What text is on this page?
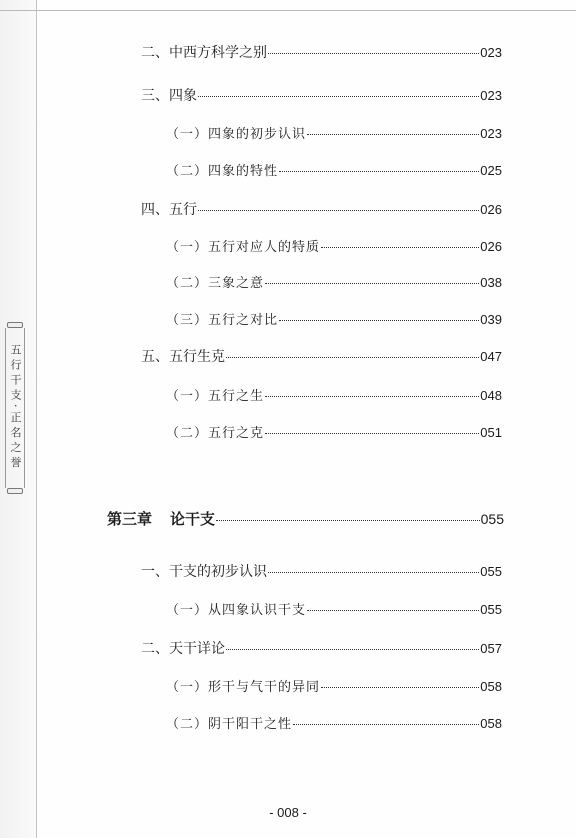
五行干支·正名之誉
二、中西方科学之别	023
三、四象	023
（一）四象的初步认识	023
（二）四象的特性	025
四、五行	026
（一）五行对应人的特质	026
（二）三象之意	038
（三）五行之对比	039
五、五行生克	047
（一）五行之生	048
（二）五行之克	051
第三章 论干支	055
一、干支的初步认识	055
（一）从四象认识干支	055
二、天干详论	057
（一）形干与气干的异同	058
（二）阴干阳干之性	058
- 008 -
